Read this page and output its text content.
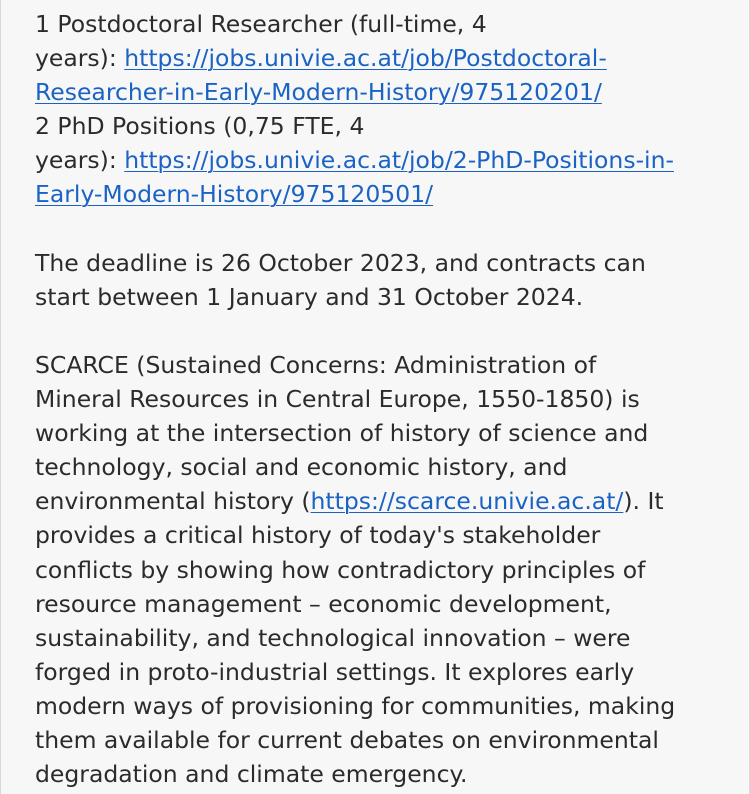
1 Postdoctoral Researcher (full-time, 4
years): https://jobs.univie.ac.at/job/Postdoctoral-
Researcher-in-Early-Modern-History/975120201/
2 PhD Positions (0,75 FTE, 4
years): https://jobs.univie.ac.at/job/2-PhD-Positions-in-
Early-Modern-History/975120501/
The deadline is 26 October 2023, and contracts can
start between 1 January and 31 October 2024.
SCARCE (Sustained Concerns: Administration of
Mineral Resources in Central Europe, 1550-1850) is
working at the intersection of history of science and
technology, social and economic history, and
environmental history (https://scarce.univie.ac.at/). It
provides a critical history of today's stakeholder
conflicts by showing how contradictory principles of
resource management – economic development,
sustainability, and technological innovation – were
forged in proto-industrial settings. It explores early
modern ways of provisioning for communities, making
them available for current debates on environmental
degradation and climate emergency.
